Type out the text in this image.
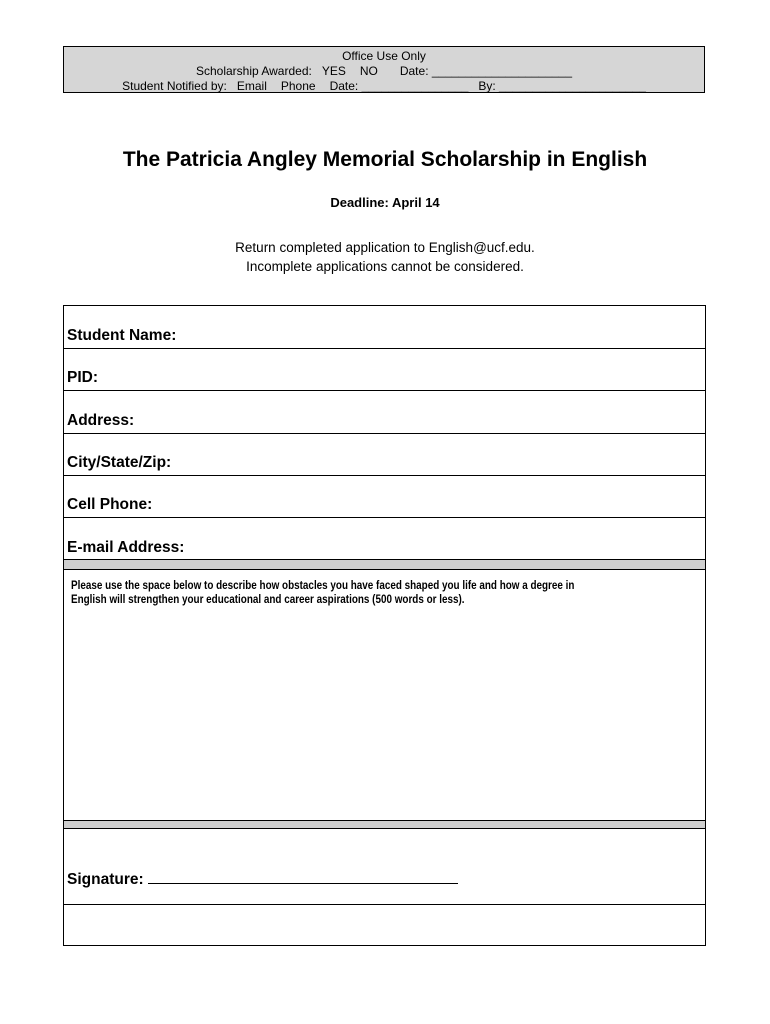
Office Use Only
Scholarship Awarded: YES NO Date: _____________________
Student Notified by: Email Phone Date: ________________ By: ______________________
The Patricia Angley Memorial Scholarship in English
Deadline: April 14
Return completed application to English@ucf.edu.
Incomplete applications cannot be considered.
Student Name:
PID:
Address:
City/State/Zip:
Cell Phone:
E-mail Address:
Please use the space below to describe how obstacles you have faced shaped you life and how a degree in
English will strengthen your educational and career aspirations (500 words or less).
Signature:
